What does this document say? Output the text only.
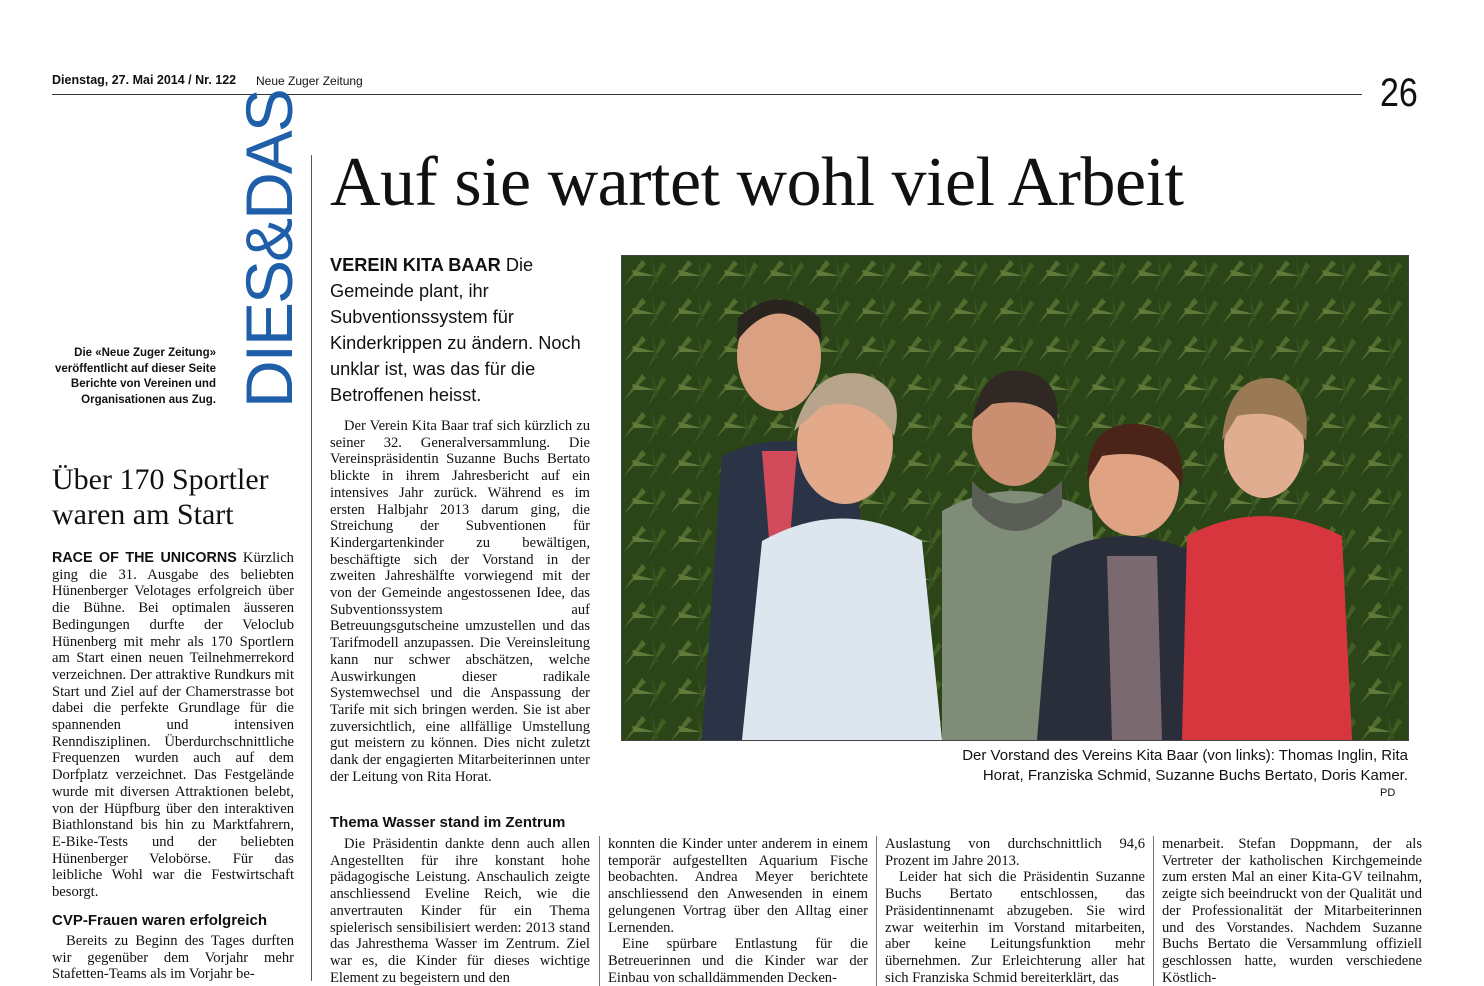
Dienstag, 27. Mai 2014 / Nr. 122 Neue Zuger Zeitung	26
DIES&DAS
Die «Neue Zuger Zeitung» veröffentlicht auf dieser Seite Berichte von Vereinen und Organisationen aus Zug.
Über 170 Sportler waren am Start
RACE OF THE UNICORNS Kürzlich ging die 31. Ausgabe des beliebten Hünenberger Velotages erfolgreich über die Bühne. Bei optimalen äusseren Bedingungen durfte der Veloclub Hünenberg mit mehr als 170 Sportlern am Start einen neuen Teilnehmerrekord verzeichnen. Der attraktive Rundkurs mit Start und Ziel auf der Chamerstrasse bot dabei die perfekte Grundlage für die spannenden und intensiven Renndisziplinen. Überdurchschnittliche Frequenzen wurden auch auf dem Dorfplatz verzeichnet. Das Festgelände wurde mit diversen Attraktionen belebt, von der Hüpfburg über den interaktiven Biathlonstand bis hin zu Marktfahrern, E-Bike-Tests und der beliebten Hünenberger Velobörse. Für das leibliche Wohl war die Festwirtschaft besorgt.
CVP-Frauen waren erfolgreich
Bereits zu Beginn des Tages durften wir gegenüber dem Vorjahr mehr Stafetten-Teams als im Vorjahr be-
Auf sie wartet wohl viel Arbeit
VEREIN KITA BAAR Die Gemeinde plant, ihr Subventionssystem für Kinderkrippen zu ändern. Noch unklar ist, was das für die Betroffenen heisst.
Der Vorstand des Vereins Kita Baar (von links): Thomas Inglin, Rita Horat, Franziska Schmid, Suzanne Buchs Bertato, Doris Kamer.
PD
Der Verein Kita Baar traf sich kürzlich zu seiner 32. Generalversammlung. Die Vereinspräsidentin Suzanne Buchs Bertato blickte in ihrem Jahresbericht auf ein intensives Jahr zurück. Während es im ersten Halbjahr 2013 darum ging, die Streichung der Subventionen für Kindergartenkinder zu bewältigen, beschäftigte sich der Vorstand in der zweiten Jahreshälfte vorwiegend mit der von der Gemeinde angestossenen Idee, das Subventionssystem auf Betreuungsgutscheine umzustellen und das Tarifmodell anzupassen. Die Vereinsleitung kann nur schwer abschätzen, welche Auswirkungen dieser radikale Systemwechsel und die Anspassung der Tarife mit sich bringen werden. Sie ist aber zuversichtlich, eine allfällige Umstellung gut meistern zu können. Dies nicht zuletzt dank der engagierten Mitarbeiterinnen unter der Leitung von Rita Horat.
Thema Wasser stand im Zentrum
Die Präsidentin dankte denn auch allen Angestellten für ihre konstant hohe pädagogische Leistung. Anschaulich zeigte anschliessend Eveline Reich, wie die anvertrauten Kinder für ein Thema spielerisch sensibilisiert werden: 2013 stand das Jahresthema Wasser im Zentrum. Ziel war es, die Kinder für dieses wichtige Element zu begeistern und den
konnten die Kinder unter anderem in einem temporär aufgestellten Aquarium Fische beobachten. Andrea Meyer berichtete anschliessend den Anwesenden in einem gelungenen Vortrag über den Alltag einer Lernenden.
Eine spürbare Entlastung für die Betreuerinnen und die Kinder war der Einbau von schalldämmenden Decken-
Auslastung von durchschnittlich 94,6 Prozent im Jahre 2013.
Leider hat sich die Präsidentin Suzanne Buchs Bertato entschlossen, das Präsidentinnenamt abzugeben. Sie wird zwar weiterhin im Vorstand mitarbeiten, aber keine Leitungsfunktion mehr übernehmen. Zur Erleichterung aller hat sich Franziska Schmid bereiterklärt, das
menarbeit. Stefan Doppmann, der als Vertreter der katholischen Kirchgemeinde zum ersten Mal an einer Kita-GV teilnahm, zeigte sich beeindruckt von der Qualität und der Professionalität der Mitarbeiterinnen und des Vorstandes. Nachdem Suzanne Buchs Bertato die Versammlung offiziell geschlossen hatte, wurden verschiedene Köstlich-
